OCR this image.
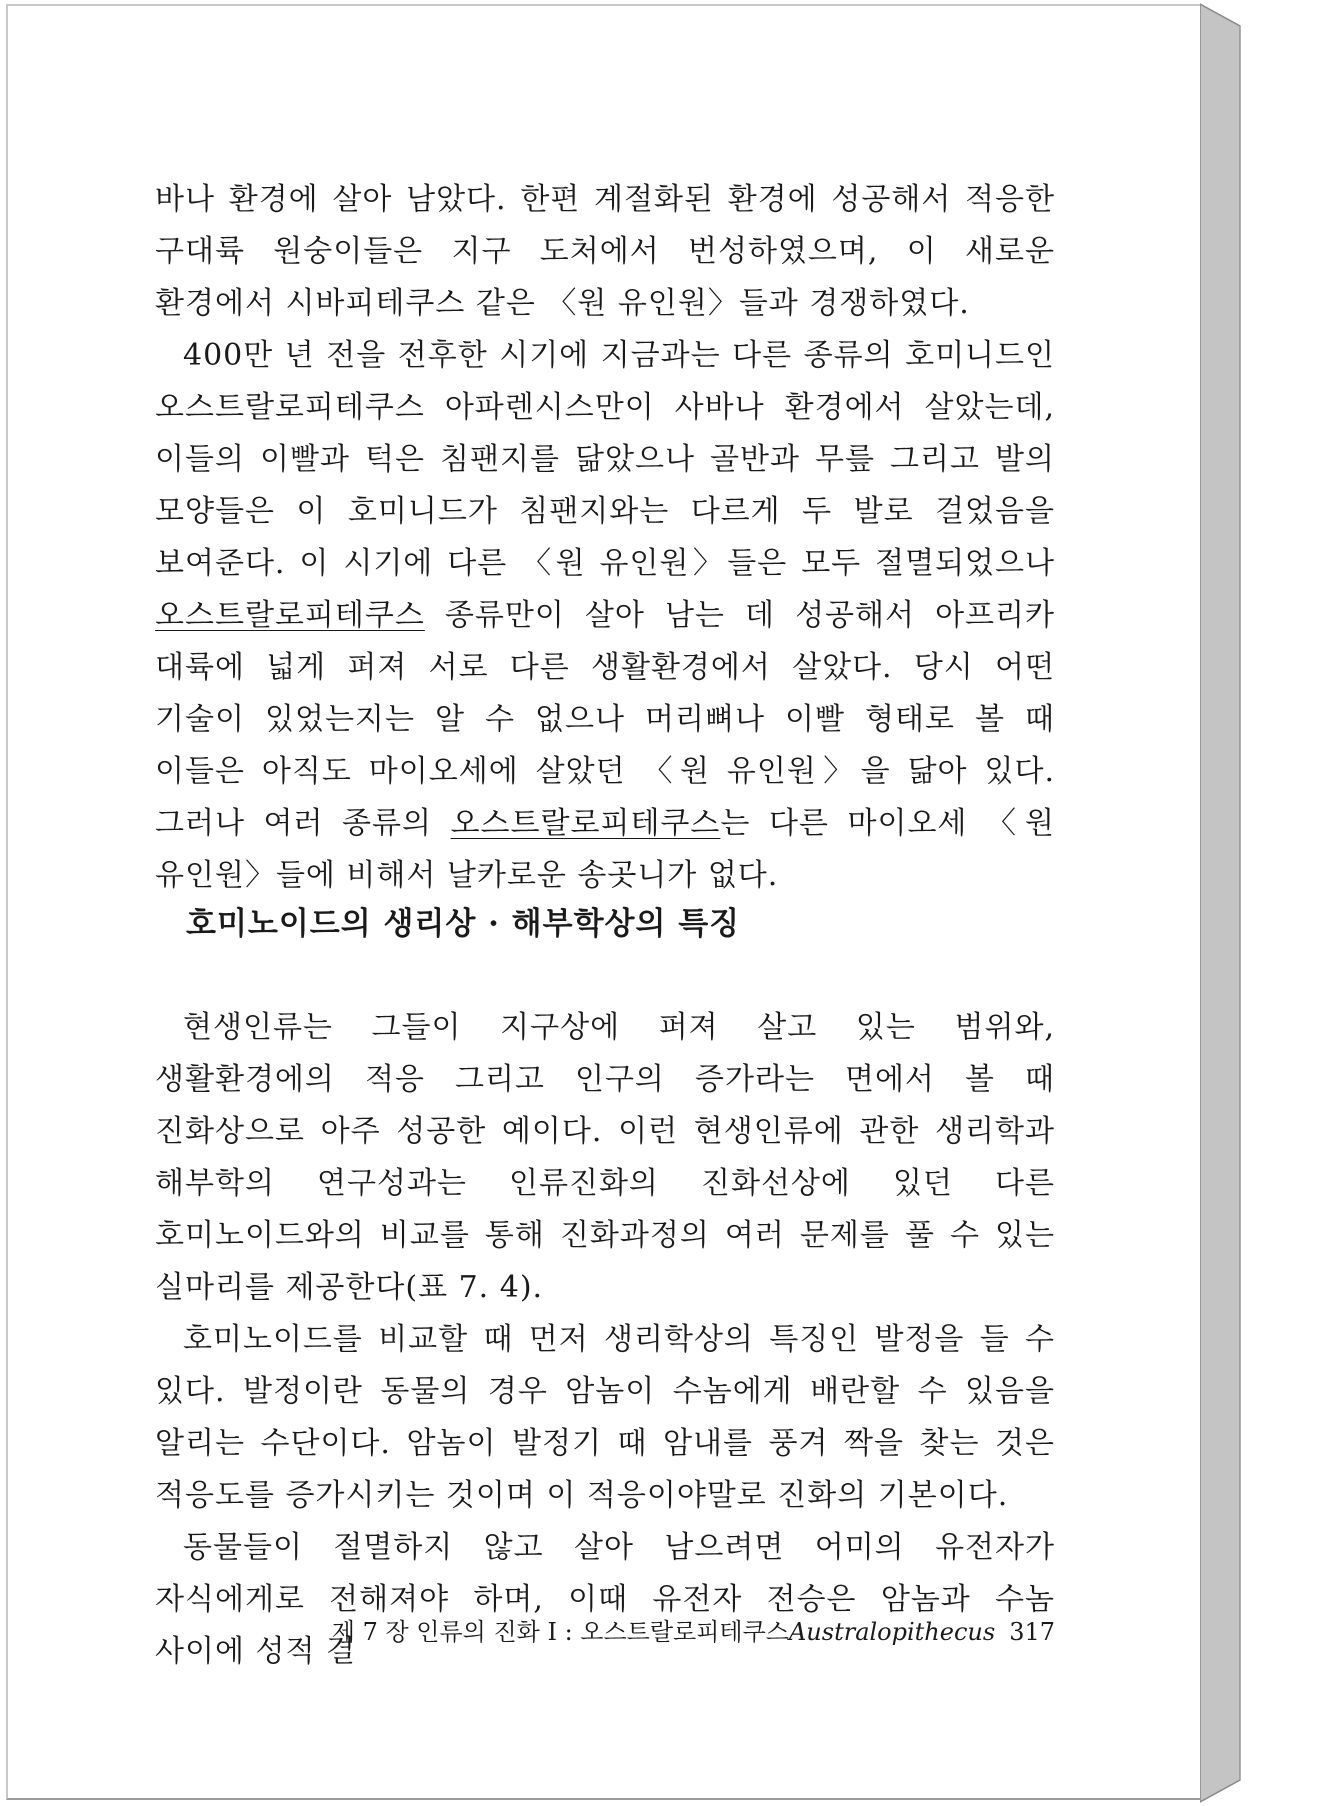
바나 환경에 살아 남았다. 한편 계절화된 환경에 성공해서 적응한 구대륙 원숭이들은 지구 도처에서 번성하였으며, 이 새로운 환경에서 시바피테쿠스 같은 〈원 유인원〉들과 경쟁하였다.

400만 년 전을 전후한 시기에 지금과는 다른 종류의 호미니드인 오스트랄로피테쿠스 아파렌시스만이 사바나 환경에서 살았는데, 이들의 이빨과 턱은 침팬지를 닮았으나 골반과 무릎 그리고 발의 모양들은 이 호미니드가 침팬지와는 다르게 두 발로 걸었음을 보여준다. 이 시기에 다른 〈원 유인원〉들은 모두 절멸되었으나 오스트랄로피테쿠스 종류만이 살아 남는 데 성공해서 아프리카 대륙에 넓게 퍼져 서로 다른 생활환경에서 살았다. 당시 어떤 기술이 있었는지는 알 수 없으나 머리뼈나 이빨 형태로 볼 때 이들은 아직도 마이오세에 살았던 〈원 유인원〉을 닮아 있다. 그러나 여러 종류의 오스트랄로피테쿠스는 다른 마이오세 〈원 유인원〉들에 비해서 날카로운 송곳니가 없다.

호미노이드의 생리상 · 해부학상의 특징

현생인류는 그들이 지구상에 퍼져 살고 있는 범위와, 생활환경에의 적응 그리고 인구의 증가라는 면에서 볼 때 진화상으로 아주 성공한 예이다. 이런 현생인류에 관한 생리학과 해부학의 연구성과는 인류진화의 진화선상에 있던 다른 호미노이드와의 비교를 통해 진화과정의 여러 문제를 풀 수 있는 실마리를 제공한다(표 7. 4).

호미노이드를 비교할 때 먼저 생리학상의 특징인 발정을 들 수 있다. 발정이란 동물의 경우 암놈이 수놈에게 배란할 수 있음을 알리는 수단이다. 암놈이 발정기 때 암내를 풍겨 짝을 찾는 것은 적응도를 증가시키는 것이며 이 적응이야말로 진화의 기본이다.

동물들이 절멸하지 않고 살아 남으려면 어미의 유전자가 자식에게로 전해져야 하며, 이때 유전자 전승은 암놈과 수놈 사이에 성적 결

제 7 장 인류의 진화 Ⅰ : 오스트랄로피테쿠스Australopithecus 317
